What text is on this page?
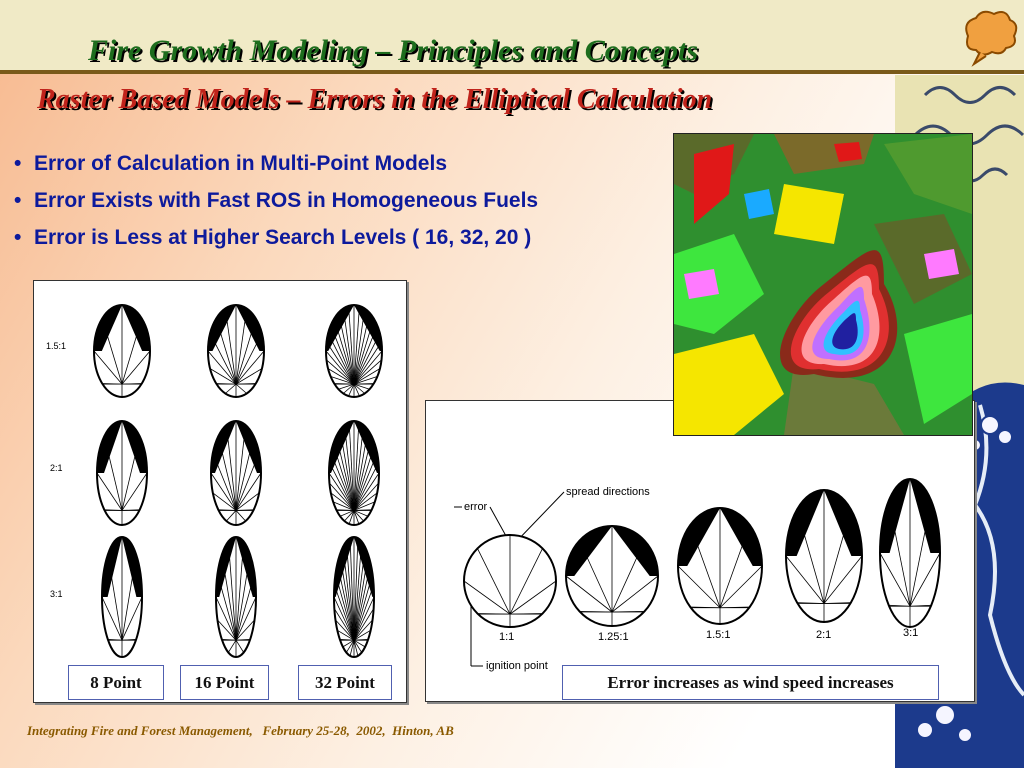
Fire Growth Modeling – Principles and Concepts
Raster Based Models – Errors in the Elliptical Calculation
• Error of Calculation in Multi-Point Models
• Error Exists with Fast ROS in Homogeneous Fuels
• Error is Less at Higher Search Levels ( 16, 32, 20 )
1.5:1
2:1
3:1
error
spread directions
ignition point
1:1	1.25:1	1.5:1	2:1	3:1
8 Point	16 Point	32 Point	Error increases as wind speed increases
Integrating Fire and Forest Management,   February 25-28,  2002,  Hinton, AB
